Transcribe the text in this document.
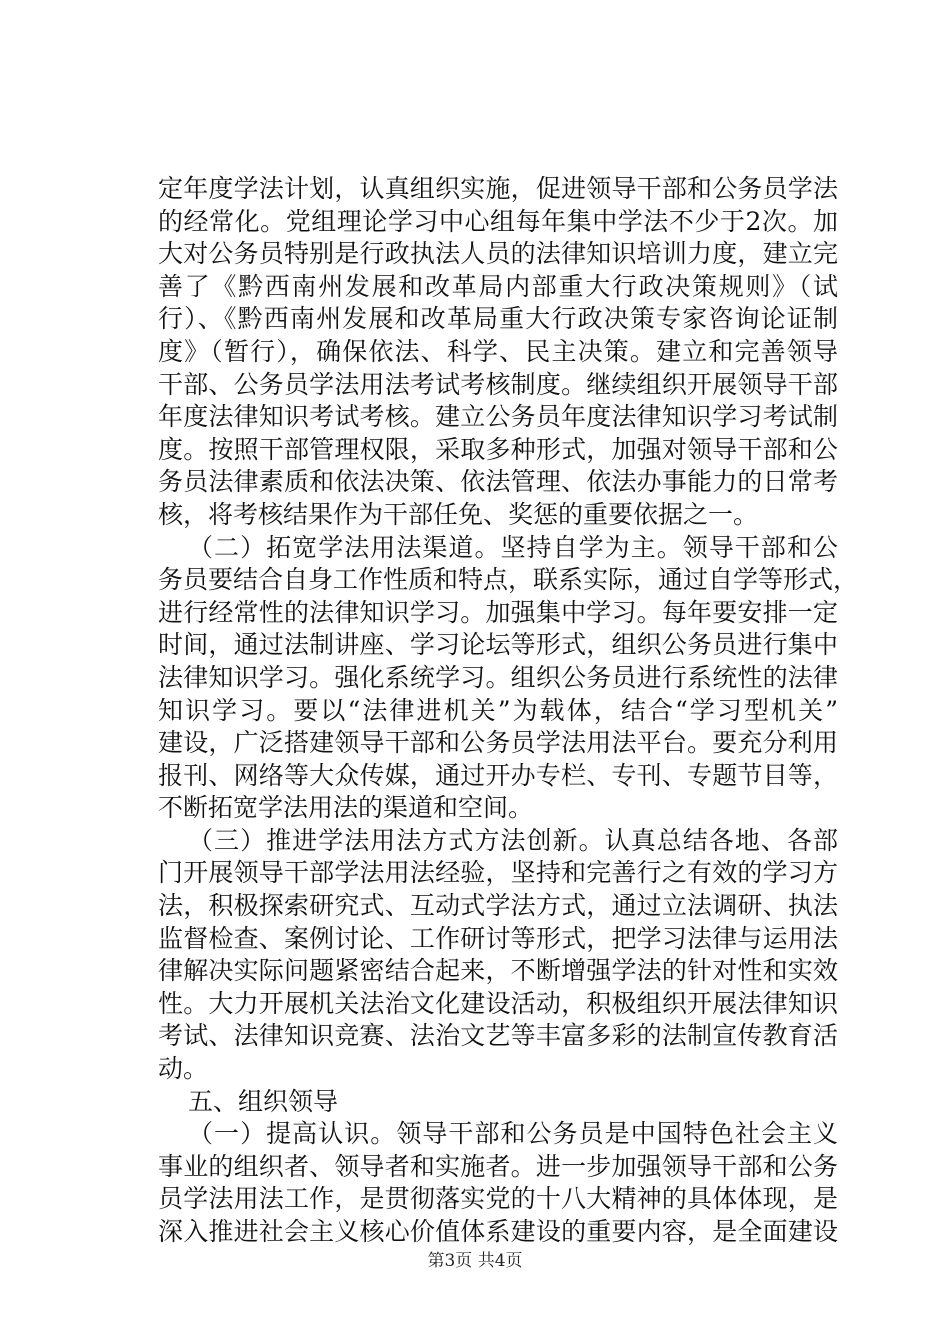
定年度学法计划，认真组织实施，促进领导干部和公务员学法
的经常化。党组理论学习中心组每年集中学法不少于2次。加
大对公务员特别是行政执法人员的法律知识培训力度，建立完
善了《黔西南州发展和改革局内部重大行政决策规则》（试
行）、《黔西南州发展和改革局重大行政决策专家咨询论证制
度》（暂行），确保依法、科学、民主决策。建立和完善领导
干部、公务员学法用法考试考核制度。继续组织开展领导干部
年度法律知识考试考核。建立公务员年度法律知识学习考试制
度。按照干部管理权限，采取多种形式，加强对领导干部和公
务员法律素质和依法决策、依法管理、依法办事能力的日常考
核，将考核结果作为干部任免、奖惩的重要依据之一。
（二）拓宽学法用法渠道。坚持自学为主。领导干部和公
务员要结合自身工作性质和特点，联系实际，通过自学等形式，
进行经常性的法律知识学习。加强集中学习。每年要安排一定
时间，通过法制讲座、学习论坛等形式，组织公务员进行集中
法律知识学习。强化系统学习。组织公务员进行系统性的法律
知识学习。要以“法律进机关”为载体，结合“学习型机关”
建设，广泛搭建领导干部和公务员学法用法平台。要充分利用
报刊、网络等大众传媒，通过开办专栏、专刊、专题节目等，
不断拓宽学法用法的渠道和空间。
（三）推进学法用法方式方法创新。认真总结各地、各部
门开展领导干部学法用法经验，坚持和完善行之有效的学习方
法，积极探索研究式、互动式学法方式，通过立法调研、执法
监督检查、案例讨论、工作研讨等形式，把学习法律与运用法
律解决实际问题紧密结合起来，不断增强学法的针对性和实效
性。大力开展机关法治文化建设活动，积极组织开展法律知识
考试、法律知识竞赛、法治文艺等丰富多彩的法制宣传教育活
动。
五、组织领导
（一）提高认识。领导干部和公务员是中国特色社会主义
事业的组织者、领导者和实施者。进一步加强领导干部和公务
员学法用法工作，是贯彻落实党的十八大精神的具体体现，是
深入推进社会主义核心价值体系建设的重要内容，是全面建设
第3页 共4页
